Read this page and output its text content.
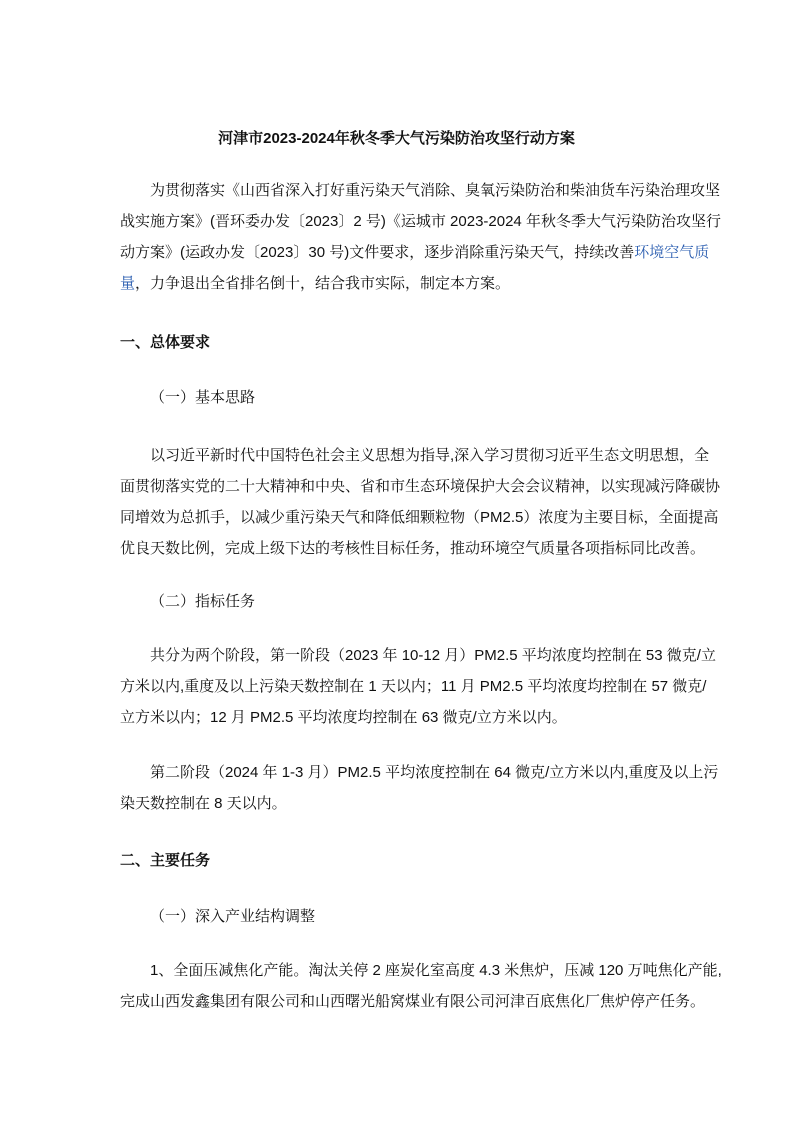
河津市2023-2024年秋冬季大气污染防治攻坚行动方案
为贯彻落实《山西省深入打好重污染天气消除、臭氧污染防治和柴油货车污染治理攻坚
战实施方案》(晋环委办发〔2023〕2 号)《运城市 2023-2024 年秋冬季大气污染防治攻坚行
动方案》(运政办发〔2023〕30 号)文件要求，逐步消除重污染天气，持续改善环境空气质
量，力争退出全省排名倒十，结合我市实际，制定本方案。
一、总体要求
（一）基本思路
以习近平新时代中国特色社会主义思想为指导,深入学习贯彻习近平生态文明思想，全
面贯彻落实党的二十大精神和中央、省和市生态环境保护大会会议精神，以实现减污降碳协
同增效为总抓手，以减少重污染天气和降低细颗粒物（PM2.5）浓度为主要目标，全面提高
优良天数比例，完成上级下达的考核性目标任务，推动环境空气质量各项指标同比改善。
（二）指标任务
共分为两个阶段，第一阶段（2023 年 10-12 月）PM2.5 平均浓度均控制在 53 微克/立
方米以内,重度及以上污染天数控制在 1 天以内；11 月 PM2.5 平均浓度均控制在 57 微克/
立方米以内；12 月 PM2.5 平均浓度均控制在 63 微克/立方米以内。
第二阶段（2024 年 1-3 月）PM2.5 平均浓度控制在 64 微克/立方米以内,重度及以上污
染天数控制在 8 天以内。
二、主要任务
（一）深入产业结构调整
1、全面压减焦化产能。淘汰关停 2 座炭化室高度 4.3 米焦炉，压减 120 万吨焦化产能,
完成山西发鑫集团有限公司和山西曙光船窝煤业有限公司河津百底焦化厂焦炉停产任务。
